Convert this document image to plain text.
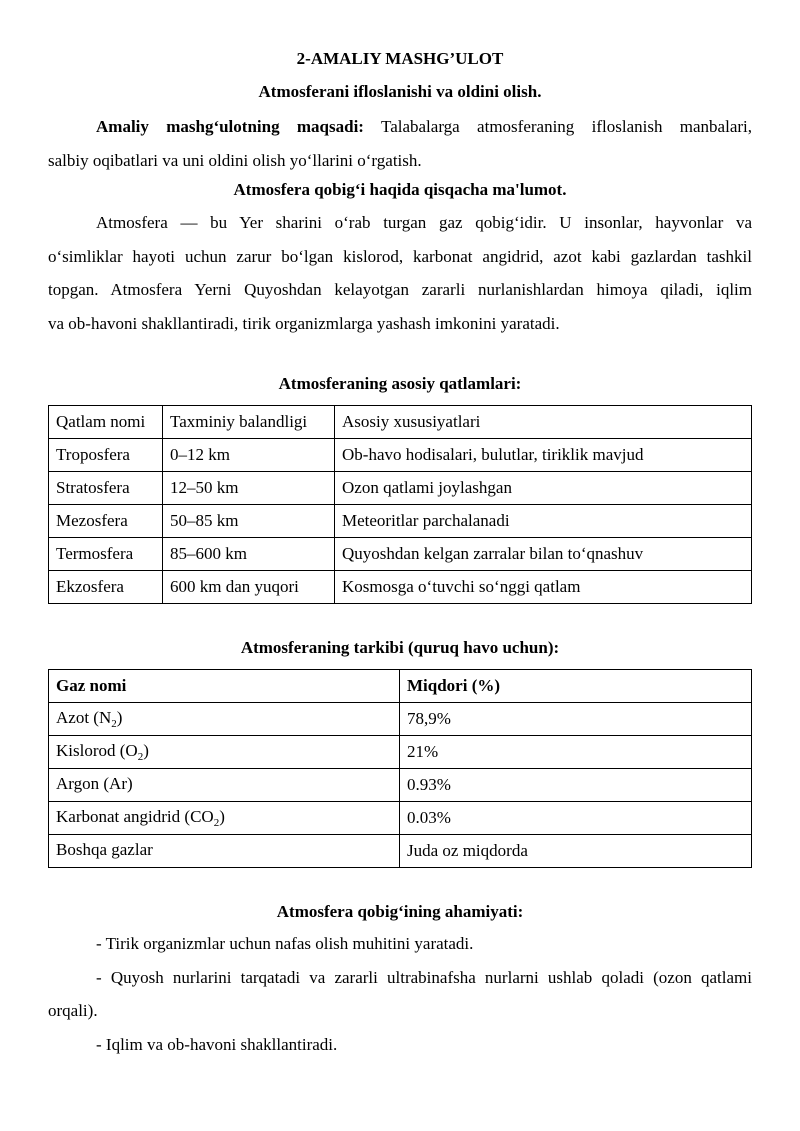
2-AMALIY MASHG’ULOT
Atmosferani ifloslanishi va oldini olish.
Amaliy mashg‘ulotning maqsadi: Talabalarga atmosferaning ifloslanish manbalari,
salbiy oqibatlari va uni oldini olish yo‘llarini o‘rgatish.
Atmosfera qobig‘i haqida qisqacha ma'lumot.
Atmosfera — bu Yer sharini o‘rab turgan gaz qobig‘idir. U insonlar, hayvonlar va
o‘simliklar hayoti uchun zarur bo‘lgan kislorod, karbonat angidrid, azot kabi gazlardan tashkil
topgan. Atmosfera Yerni Quyoshdan kelayotgan zararli nurlanishlardan himoya qiladi, iqlim
va ob-havoni shakllantiradi, tirik organizmlarga yashash imkonini yaratadi.
Atmosferaning asosiy qatlamlari:
Qatlam nomi	Taxminiy balandligi	Asosiy xususiyatlari
Troposfera	0–12 km	Ob-havo hodisalari, bulutlar, tiriklik mavjud
Stratosfera	12–50 km	Ozon qatlami joylashgan
Mezosfera	50–85 km	Meteoritlar parchalanadi
Termosfera	85–600 km	Quyoshdan kelgan zarralar bilan to‘qnashuv
Ekzosfera	600 km dan yuqori	Kosmosga o‘tuvchi so‘nggi qatlam
Atmosferaning tarkibi (quruq havo uchun):
Gaz nomi	Miqdori (%)
Azot $(N_2)$	78,9%
Kislorod $(O_2)$	21%
Argon (Ar)	0.93%
Karbonat angidrid $(CO_2)$	0.03%
Boshqa gazlar	Juda oz miqdorda
Atmosfera qobig‘ining ahamiyati:
- Tirik organizmlar uchun nafas olish muhitini yaratadi.
- Quyosh nurlarini tarqatadi va zararli ultrabinafsha nurlarni ushlab qoladi (ozon qatlami
orqali).
- Iqlim va ob-havoni shakllantiradi.
